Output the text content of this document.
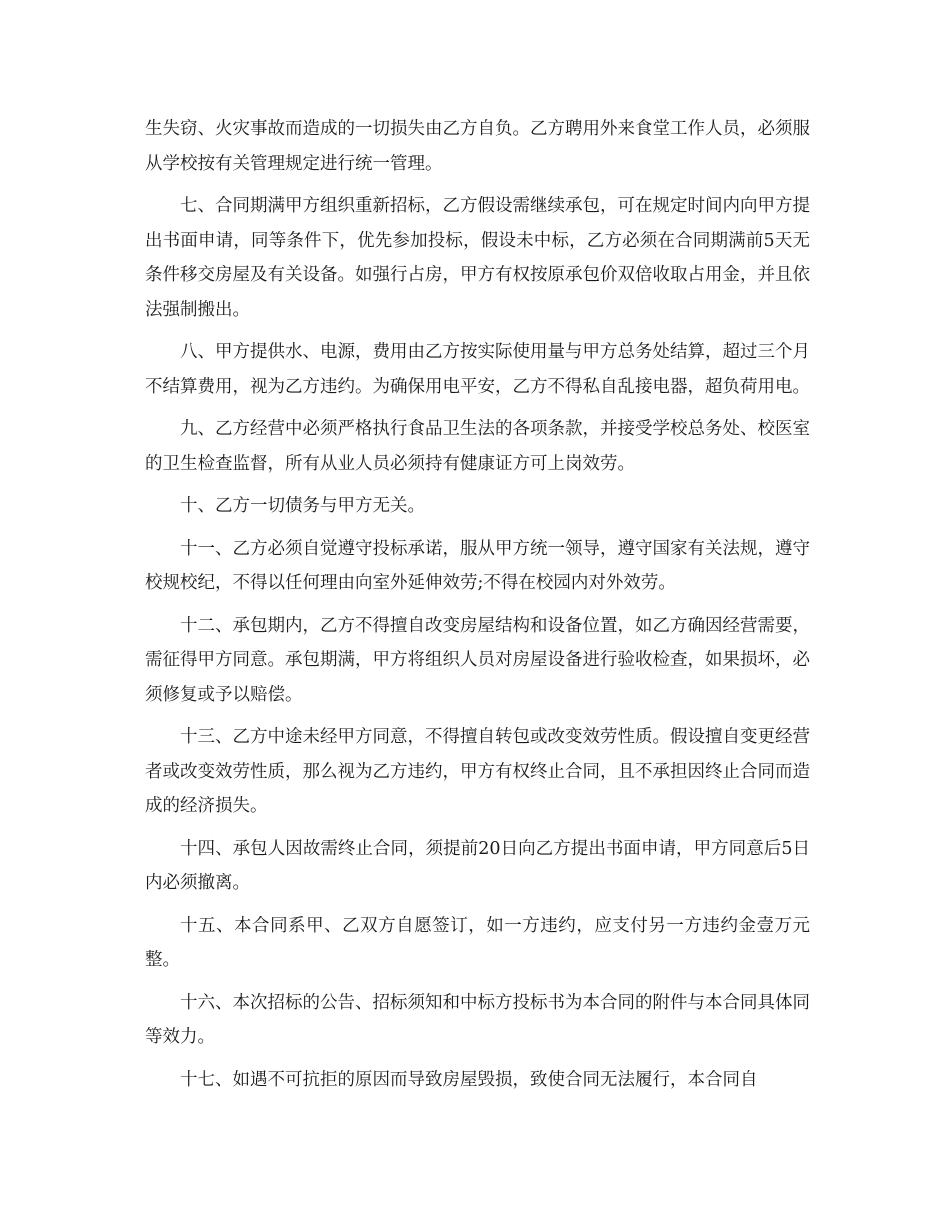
生失窃、火灾事故而造成的一切损失由乙方自负。乙方聘用外来食堂工作人员，必须服从学校按有关管理规定进行统一管理。

七、合同期满甲方组织重新招标，乙方假设需继续承包，可在规定时间内向甲方提出书面申请，同等条件下，优先参加投标，假设未中标，乙方必须在合同期满前5天无条件移交房屋及有关设备。如强行占房，甲方有权按原承包价双倍收取占用金，并且依法强制搬出。

八、甲方提供水、电源，费用由乙方按实际使用量与甲方总务处结算，超过三个月不结算费用，视为乙方违约。为确保用电平安，乙方不得私自乱接电器，超负荷用电。

九、乙方经营中必须严格执行食品卫生法的各项条款，并接受学校总务处、校医室的卫生检查监督，所有从业人员必须持有健康证方可上岗效劳。

十、乙方一切债务与甲方无关。

十一、乙方必须自觉遵守投标承诺，服从甲方统一领导，遵守国家有关法规，遵守校规校纪，不得以任何理由向室外延伸效劳;不得在校园内对外效劳。

十二、承包期内，乙方不得擅自改变房屋结构和设备位置，如乙方确因经营需要，需征得甲方同意。承包期满，甲方将组织人员对房屋设备进行验收检查，如果损坏，必须修复或予以赔偿。

十三、乙方中途未经甲方同意，不得擅自转包或改变效劳性质。假设擅自变更经营者或改变效劳性质，那么视为乙方违约，甲方有权终止合同，且不承担因终止合同而造成的经济损失。

十四、承包人因故需终止合同，须提前20日向乙方提出书面申请，甲方同意后5日内必须撤离。

十五、本合同系甲、乙双方自愿签订，如一方违约，应支付另一方违约金壹万元整。

十六、本次招标的公告、招标须知和中标方投标书为本合同的附件与本合同具体同等效力。

十七、如遇不可抗拒的原因而导致房屋毁损，致使合同无法履行，本合同自
